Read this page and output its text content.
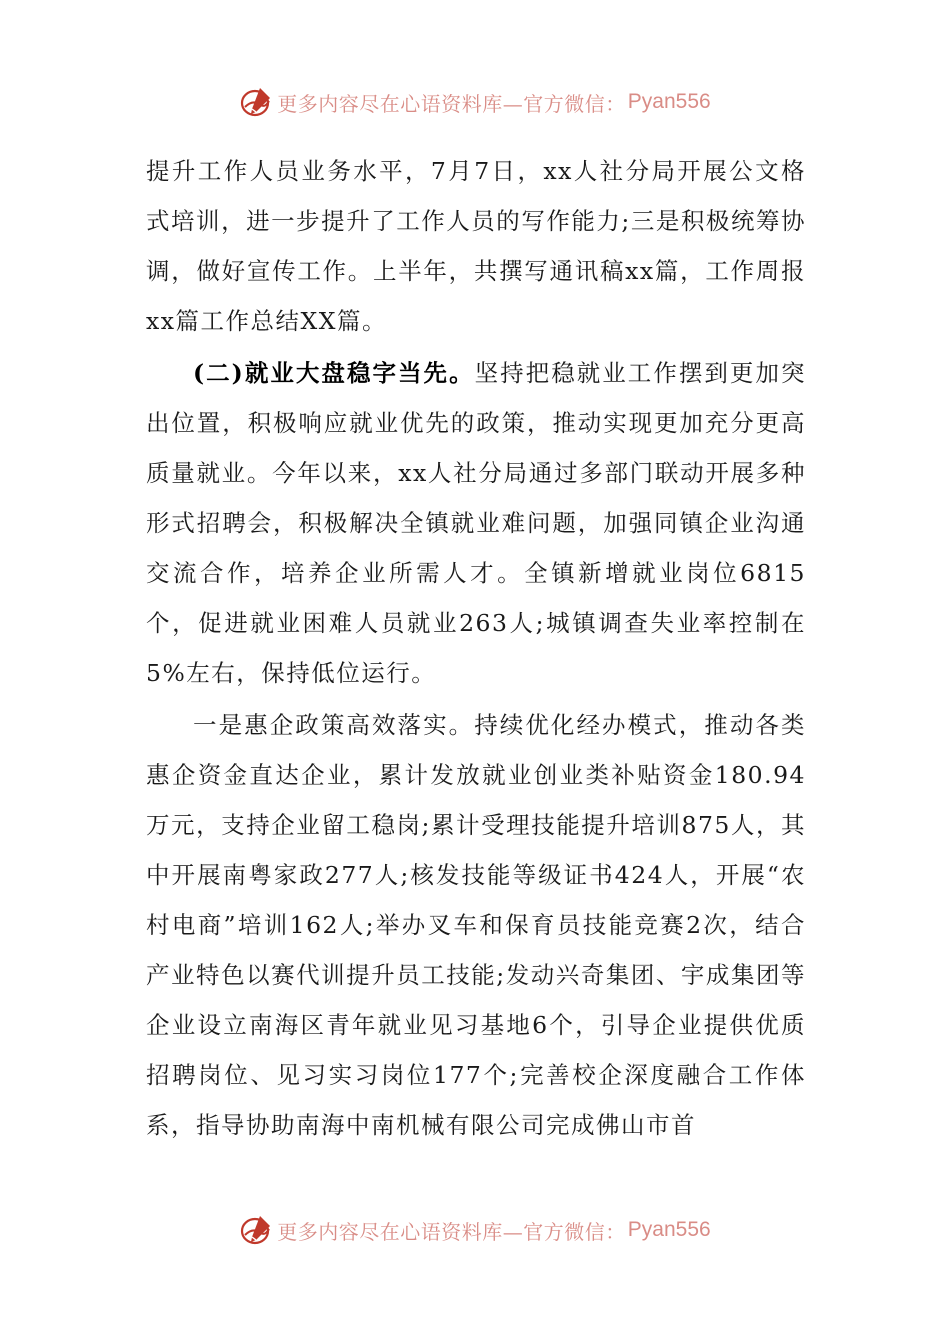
更多内容尽在心语资料库—官方微信： Pyan556

提升工作人员业务水平，7月7日，xx人社分局开展公文格式培训，进一步提升了工作人员的写作能力;三是积极统筹协调，做好宣传工作。上半年，共撰写通讯稿xx篇，工作周报xx篇工作总结XX篇。

(二)就业大盘稳字当先。坚持把稳就业工作摆到更加突出位置，积极响应就业优先的政策，推动实现更加充分更高质量就业。今年以来，xx人社分局通过多部门联动开展多种形式招聘会，积极解决全镇就业难问题，加强同镇企业沟通交流合作，培养企业所需人才。全镇新增就业岗位6815个，促进就业困难人员就业263人;城镇调查失业率控制在5%左右，保持低位运行。

一是惠企政策高效落实。持续优化经办模式，推动各类惠企资金直达企业，累计发放就业创业类补贴资金180.94万元，支持企业留工稳岗;累计受理技能提升培训875人，其中开展南粤家政277人;核发技能等级证书424人，开展“农村电商”培训162人;举办叉车和保育员技能竞赛2次，结合产业特色以赛代训提升员工技能;发动兴奇集团、宇成集团等企业设立南海区青年就业见习基地6个，引导企业提供优质招聘岗位、见习实习岗位177个;完善校企深度融合工作体系，指导协助南海中南机械有限公司完成佛山市首

更多内容尽在心语资料库—官方微信： Pyan556
